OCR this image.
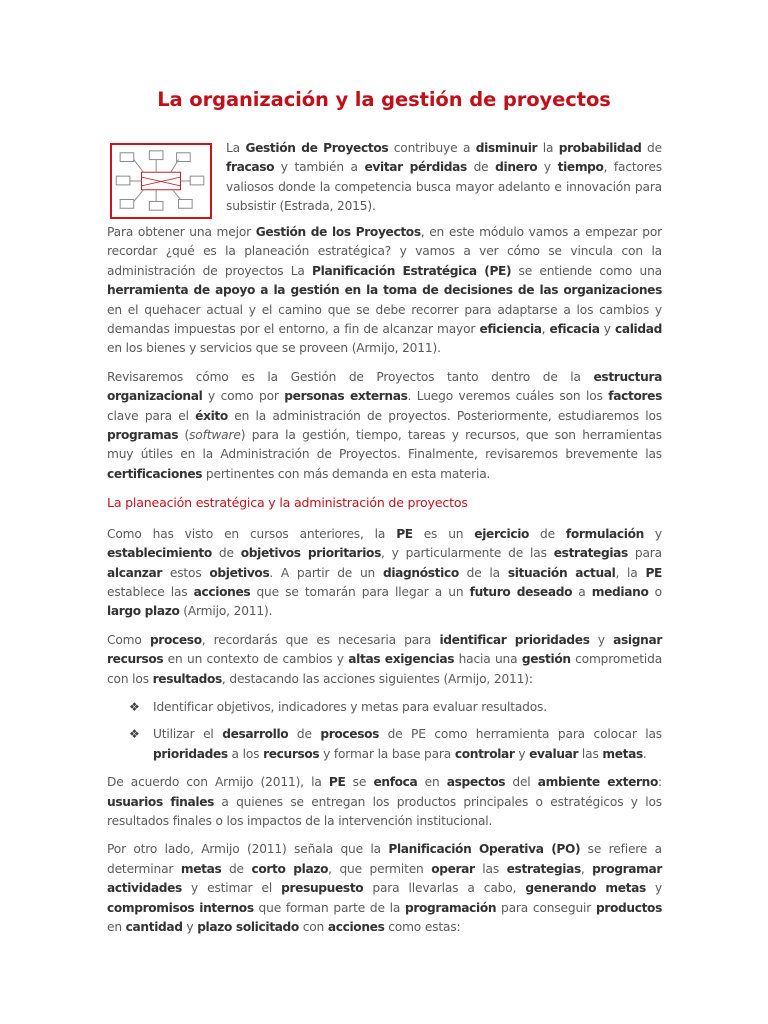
La organización y la gestión de proyectos

La Gestión de Proyectos contribuye a disminuir la probabilidad de fracaso y también a evitar pérdidas de dinero y tiempo, factores valiosos donde la competencia busca mayor adelanto e innovación para subsistir (Estrada, 2015).

Para obtener una mejor Gestión de los Proyectos, en este módulo vamos a empezar por recordar ¿qué es la planeación estratégica? y vamos a ver cómo se vincula con la administración de proyectos La Planificación Estratégica (PE) se entiende como una herramienta de apoyo a la gestión en la toma de decisiones de las organizaciones en el quehacer actual y el camino que se debe recorrer para adaptarse a los cambios y demandas impuestas por el entorno, a fin de alcanzar mayor eficiencia, eficacia y calidad en los bienes y servicios que se proveen (Armijo, 2011).

Revisaremos cómo es la Gestión de Proyectos tanto dentro de la estructura organizacional y como por personas externas. Luego veremos cuáles son los factores clave para el éxito en la administración de proyectos. Posteriormente, estudiaremos los programas (software) para la gestión, tiempo, tareas y recursos, que son herramientas muy útiles en la Administración de Proyectos. Finalmente, revisaremos brevemente las certificaciones pertinentes con más demanda en esta materia.

La planeación estratégica y la administración de proyectos

Como has visto en cursos anteriores, la PE es un ejercicio de formulación y establecimiento de objetivos prioritarios, y particularmente de las estrategias para alcanzar estos objetivos. A partir de un diagnóstico de la situación actual, la PE establece las acciones que se tomarán para llegar a un futuro deseado a mediano o largo plazo (Armijo, 2011).

Como proceso, recordarás que es necesaria para identificar prioridades y asignar recursos en un contexto de cambios y altas exigencias hacia una gestión comprometida con los resultados, destacando las acciones siguientes (Armijo, 2011):

❖ Identificar objetivos, indicadores y metas para evaluar resultados.
❖ Utilizar el desarrollo de procesos de PE como herramienta para colocar las prioridades a los recursos y formar la base para controlar y evaluar las metas.

De acuerdo con Armijo (2011), la PE se enfoca en aspectos del ambiente externo: usuarios finales a quienes se entregan los productos principales o estratégicos y los resultados finales o los impactos de la intervención institucional.

Por otro lado, Armijo (2011) señala que la Planificación Operativa (PO) se refiere a determinar metas de corto plazo, que permiten operar las estrategias, programar actividades y estimar el presupuesto para llevarlas a cabo, generando metas y compromisos internos que forman parte de la programación para conseguir productos en cantidad y plazo solicitado con acciones como estas:
